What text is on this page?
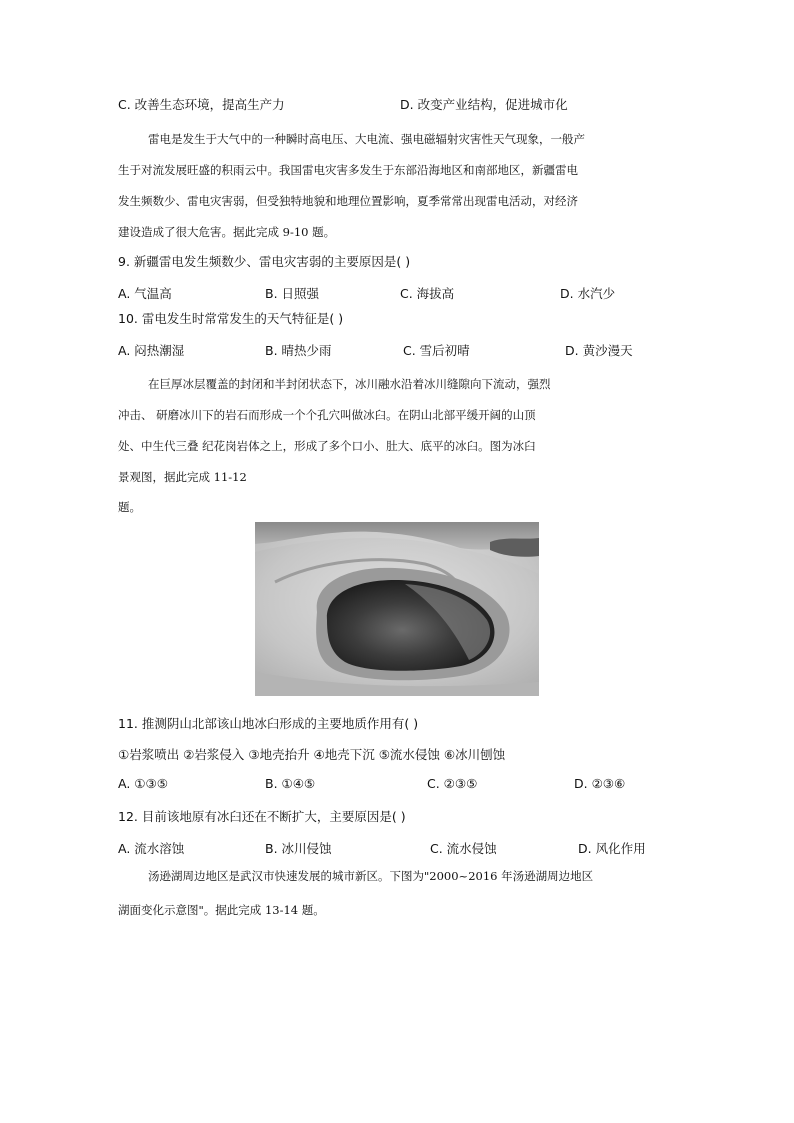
C. 改善生态环境，提高生产力	D. 改变产业结构，促进城市化
雷电是发生于大气中的一种瞬时高电压、大电流、强电磁辐射灾害性天气现象，一般产
生于对流发展旺盛的积雨云中。我国雷电灾害多发生于东部沿海地区和南部地区，新疆雷电
发生频数少、雷电灾害弱，但受独特地貌和地理位置影响，夏季常常出现雷电活动，对经济
建设造成了很大危害。据此完成 9-10 题。
9. 新疆雷电发生频数少、雷电灾害弱的主要原因是( )
A. 气温高	B. 日照强	C. 海拔高	D. 水汽少
10. 雷电发生时常常发生的天气特征是( )
A. 闷热潮湿	B. 晴热少雨	C. 雪后初晴	D. 黄沙漫天
在巨厚冰层覆盖的封闭和半封闭状态下，冰川融水沿着冰川缝隙向下流动，强烈
冲击、 研磨冰川下的岩石而形成一个个孔穴叫做冰臼。在阴山北部平缓开阔的山顶
处、中生代三叠 纪花岗岩体之上，形成了多个口小、肚大、底平的冰臼。图为冰臼
景观图，据此完成 11-12
题。
11. 推测阴山北部该山地冰臼形成的主要地质作用有( )
①岩浆喷出 ②岩浆侵入 ③地壳抬升 ④地壳下沉 ⑤流水侵蚀 ⑥冰川刨蚀
A. ①③⑤	B. ①④⑤	C. ②③⑤	D. ②③⑥
12. 目前该地原有冰臼还在不断扩大，主要原因是( )
A. 流水溶蚀	B. 冰川侵蚀	C. 流水侵蚀	D. 风化作用
汤逊湖周边地区是武汉市快速发展的城市新区。下图为"2000~2016 年汤逊湖周边地区
湖面变化示意图"。据此完成 13-14 题。
